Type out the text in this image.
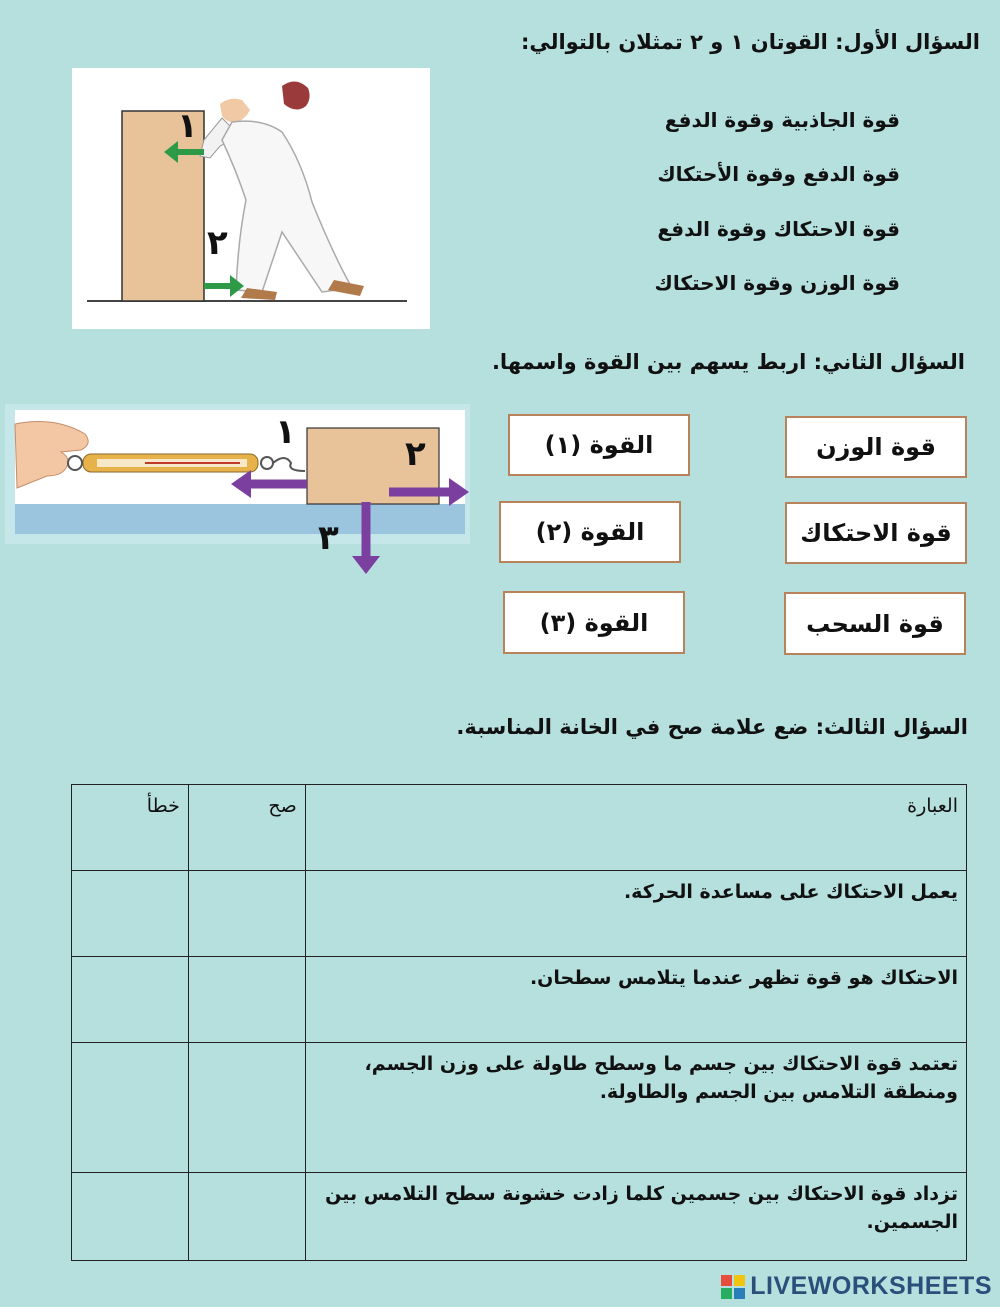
السؤال الأول: القوتان ١ و ٢ تمثلان بالتوالي:
١
٢
قوة الجاذبية وقوة الدفع
قوة الدفع وقوة الأحتكاك
قوة الاحتكاك وقوة الدفع
قوة الوزن وقوة الاحتكاك
السؤال الثاني: اربط يسهم بين القوة واسمها.
١
٢
٣
القوة (١)
القوة (٢)
القوة (٣)
قوة الوزن
قوة الاحتكاك
قوة السحب
السؤال الثالث: ضع علامة صح في الخانة المناسبة.
العبارة	صح	خطأ
يعمل الاحتكاك على مساعدة الحركة.		
الاحتكاك هو قوة تظهر عندما يتلامس سطحان.		
تعتمد قوة الاحتكاك بين جسم ما وسطح طاولة على وزن الجسم، ومنطقة التلامس بين الجسم والطاولة.		
تزداد قوة الاحتكاك بين جسمين كلما زادت خشونة سطح التلامس بين الجسمين.		
LIVEWORKSHEETS
